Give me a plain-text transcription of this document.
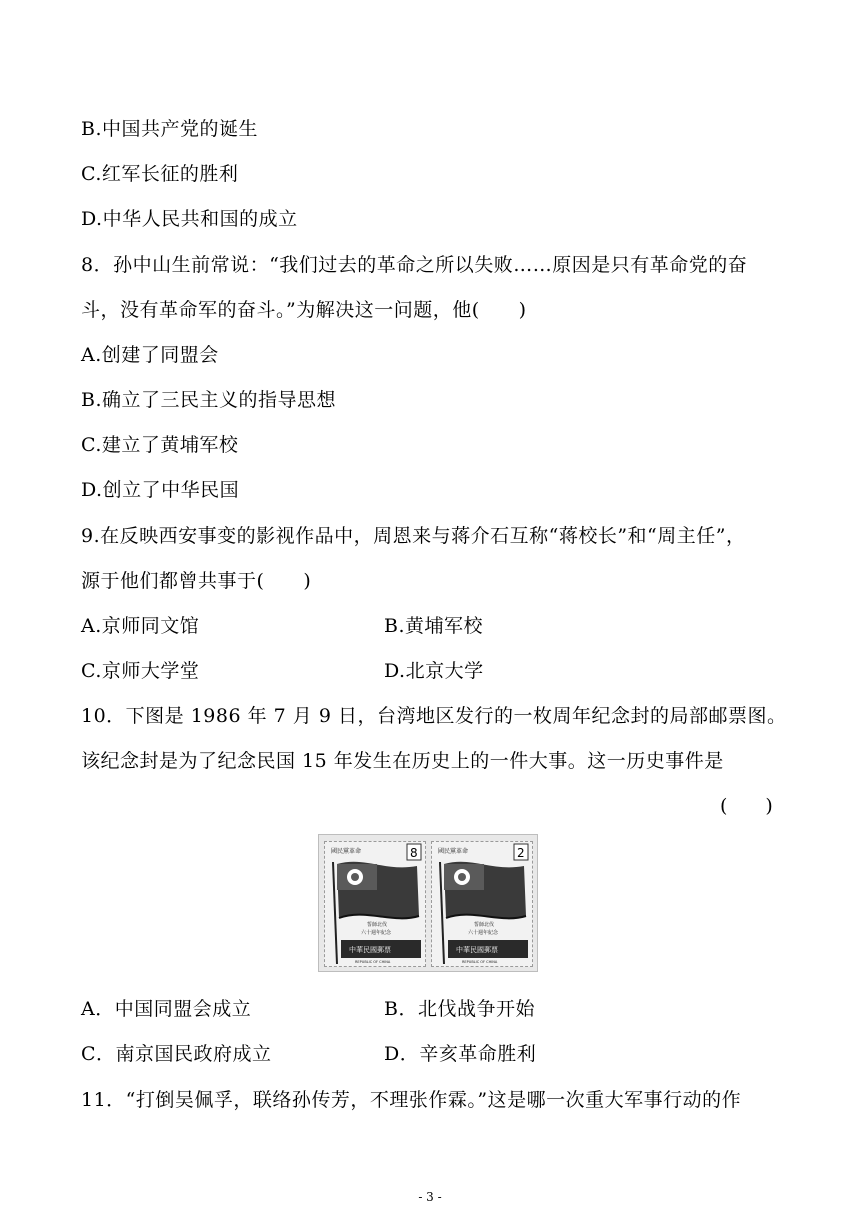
B.中国共产党的诞生
C.红军长征的胜利
D.中华人民共和国的成立
8．孙中山生前常说：“我们过去的革命之所以失败……原因是只有革命党的奋
斗，没有革命军的奋斗。”为解决这一问题，他(　　)
A.创建了同盟会
B.确立了三民主义的指导思想
C.建立了黄埔军校
D.创立了中华民国
9.在反映西安事变的影视作品中，周恩来与蒋介石互称“蒋校长”和“周主任”，
源于他们都曾共事于(　　)
A.京师同文馆	B.黄埔军校
C.京师大学堂	D.北京大学
10．下图是 1986 年 7 月 9 日，台湾地区发行的一枚周年纪念封的局部邮票图。
该纪念封是为了纪念民国 15 年发生在历史上的一件大事。这一历史事件是
(　　)
國民黨革命	8
誓師北伐
六十週年紀念
中華民國郵票
REPUBLIC OF CHINA
國民黨革命	2
誓師北伐
六十週年紀念
中華民國郵票
REPUBLIC OF CHINA
A．中国同盟会成立	B．北伐战争开始
C．南京国民政府成立	D．辛亥革命胜利
11．“打倒吴佩孚，联络孙传芳，不理张作霖。”这是哪一次重大军事行动的作
- 3 -
